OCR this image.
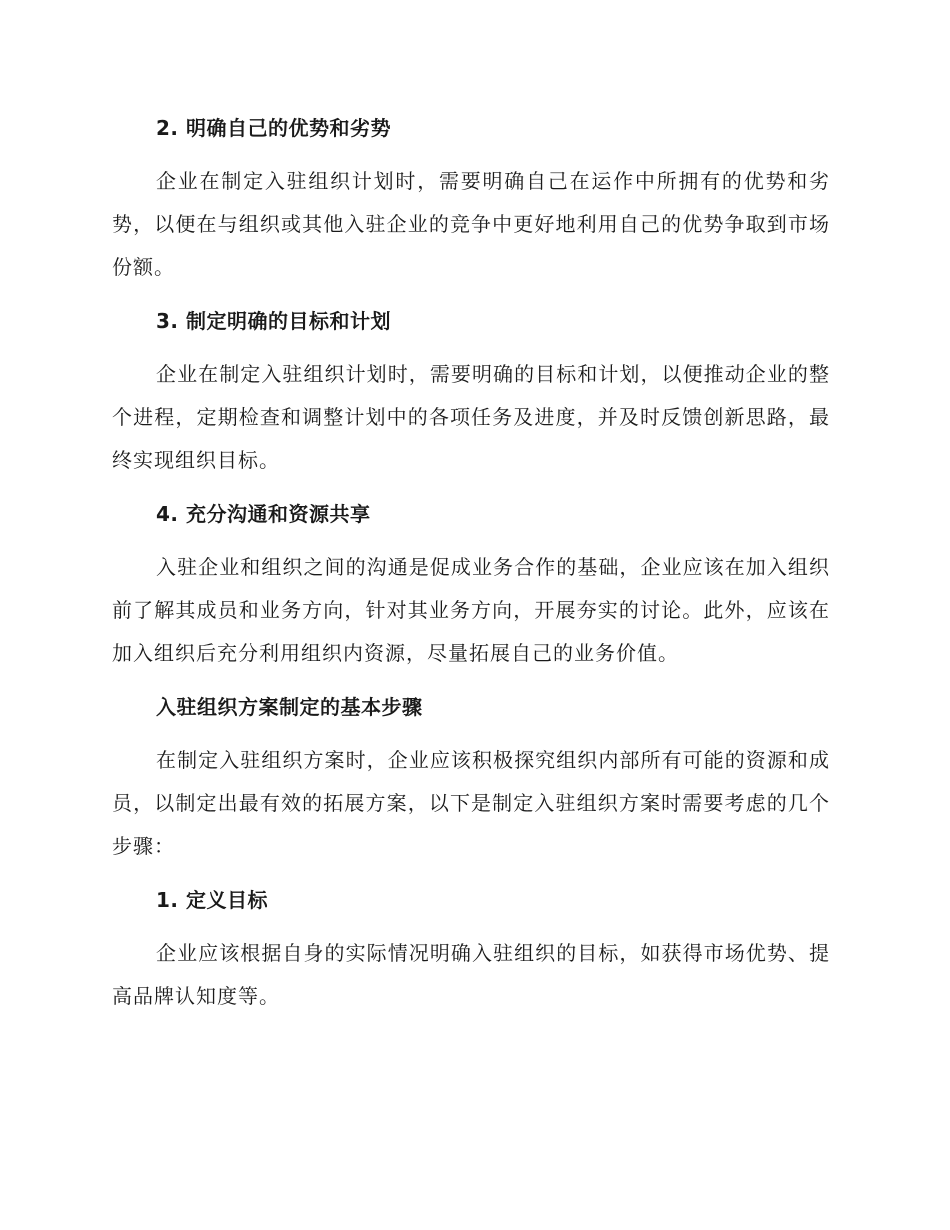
2. 明确自己的优势和劣势

企业在制定入驻组织计划时，需要明确自己在运作中所拥有的优势和劣势，以便在与组织或其他入驻企业的竞争中更好地利用自己的优势争取到市场份额。

3. 制定明确的目标和计划

企业在制定入驻组织计划时，需要明确的目标和计划，以便推动企业的整个进程，定期检查和调整计划中的各项任务及进度，并及时反馈创新思路，最终实现组织目标。

4. 充分沟通和资源共享

入驻企业和组织之间的沟通是促成业务合作的基础，企业应该在加入组织前了解其成员和业务方向，针对其业务方向，开展夯实的讨论。此外，应该在加入组织后充分利用组织内资源，尽量拓展自己的业务价值。

入驻组织方案制定的基本步骤

在制定入驻组织方案时，企业应该积极探究组织内部所有可能的资源和成员，以制定出最有效的拓展方案，以下是制定入驻组织方案时需要考虑的几个步骤：

1. 定义目标

企业应该根据自身的实际情况明确入驻组织的目标，如获得市场优势、提高品牌认知度等。
